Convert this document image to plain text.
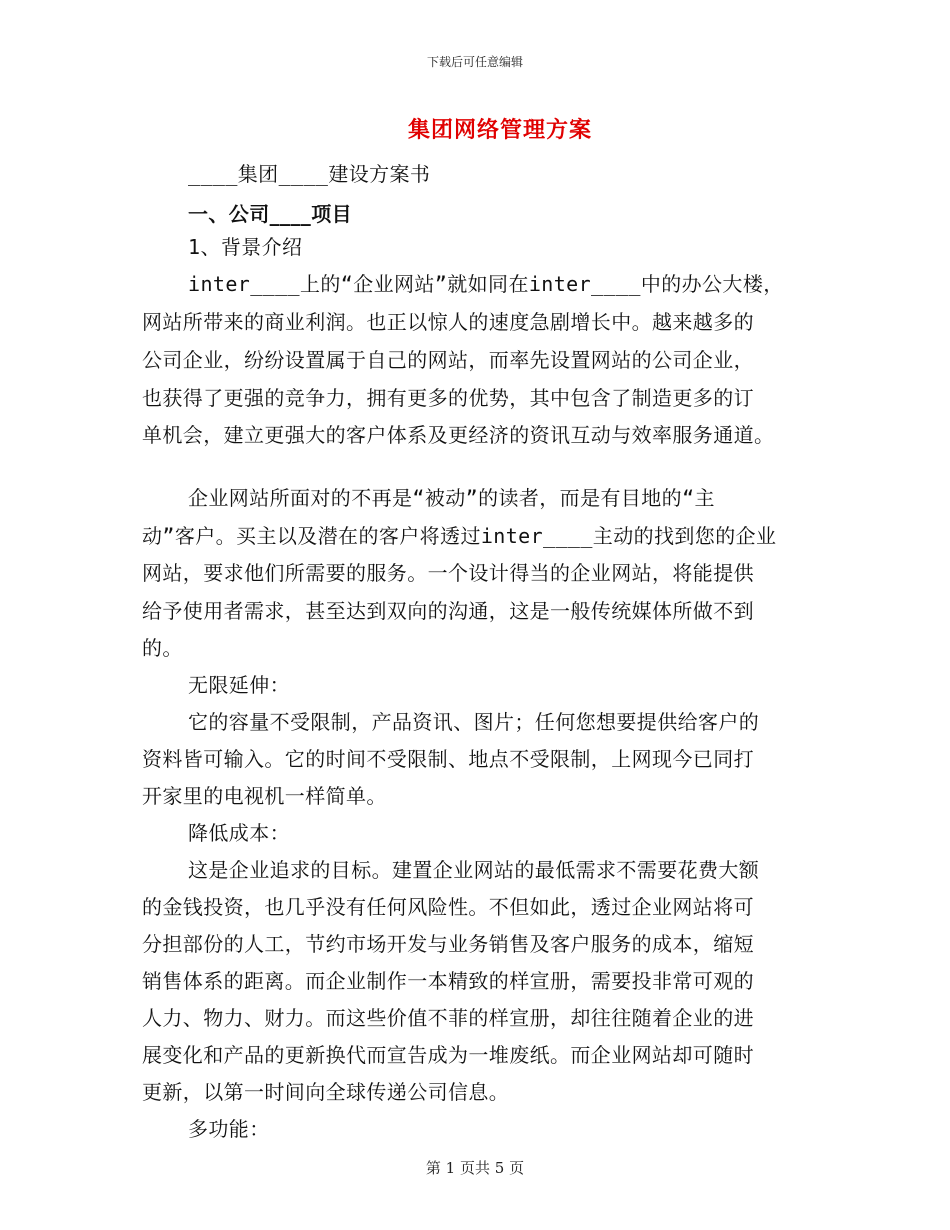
下载后可任意编辑
集团网络管理方案
____集团____建设方案书
一、公司____项目
1、背景介绍
inter____上的“企业网站”就如同在inter____中的办公大楼，
网站所带来的商业利润。也正以惊人的速度急剧增长中。越来越多的
公司企业，纷纷设置属于自己的网站，而率先设置网站的公司企业，
也获得了更强的竞争力，拥有更多的优势，其中包含了制造更多的订
单机会，建立更强大的客户体系及更经济的资讯互动与效率服务通道。
企业网站所面对的不再是“被动”的读者，而是有目地的“主
动”客户。买主以及潜在的客户将透过inter____主动的找到您的企业
网站，要求他们所需要的服务。一个设计得当的企业网站，将能提供
给予使用者需求，甚至达到双向的沟通，这是一般传统媒体所做不到
的。
无限延伸：
它的容量不受限制，产品资讯、图片；任何您想要提供给客户的
资料皆可输入。它的时间不受限制、地点不受限制，上网现今已同打
开家里的电视机一样简单。
降低成本：
这是企业追求的目标。建置企业网站的最低需求不需要花费大额
的金钱投资，也几乎没有任何风险性。不但如此，透过企业网站将可
分担部份的人工，节约市场开发与业务销售及客户服务的成本，缩短
销售体系的距离。而企业制作一本精致的样宣册，需要投非常可观的
人力、物力、财力。而这些价值不菲的样宣册，却往往随着企业的进
展变化和产品的更新换代而宣告成为一堆废纸。而企业网站却可随时
更新，以第一时间向全球传递公司信息。
多功能：
第 1 页共 5 页
